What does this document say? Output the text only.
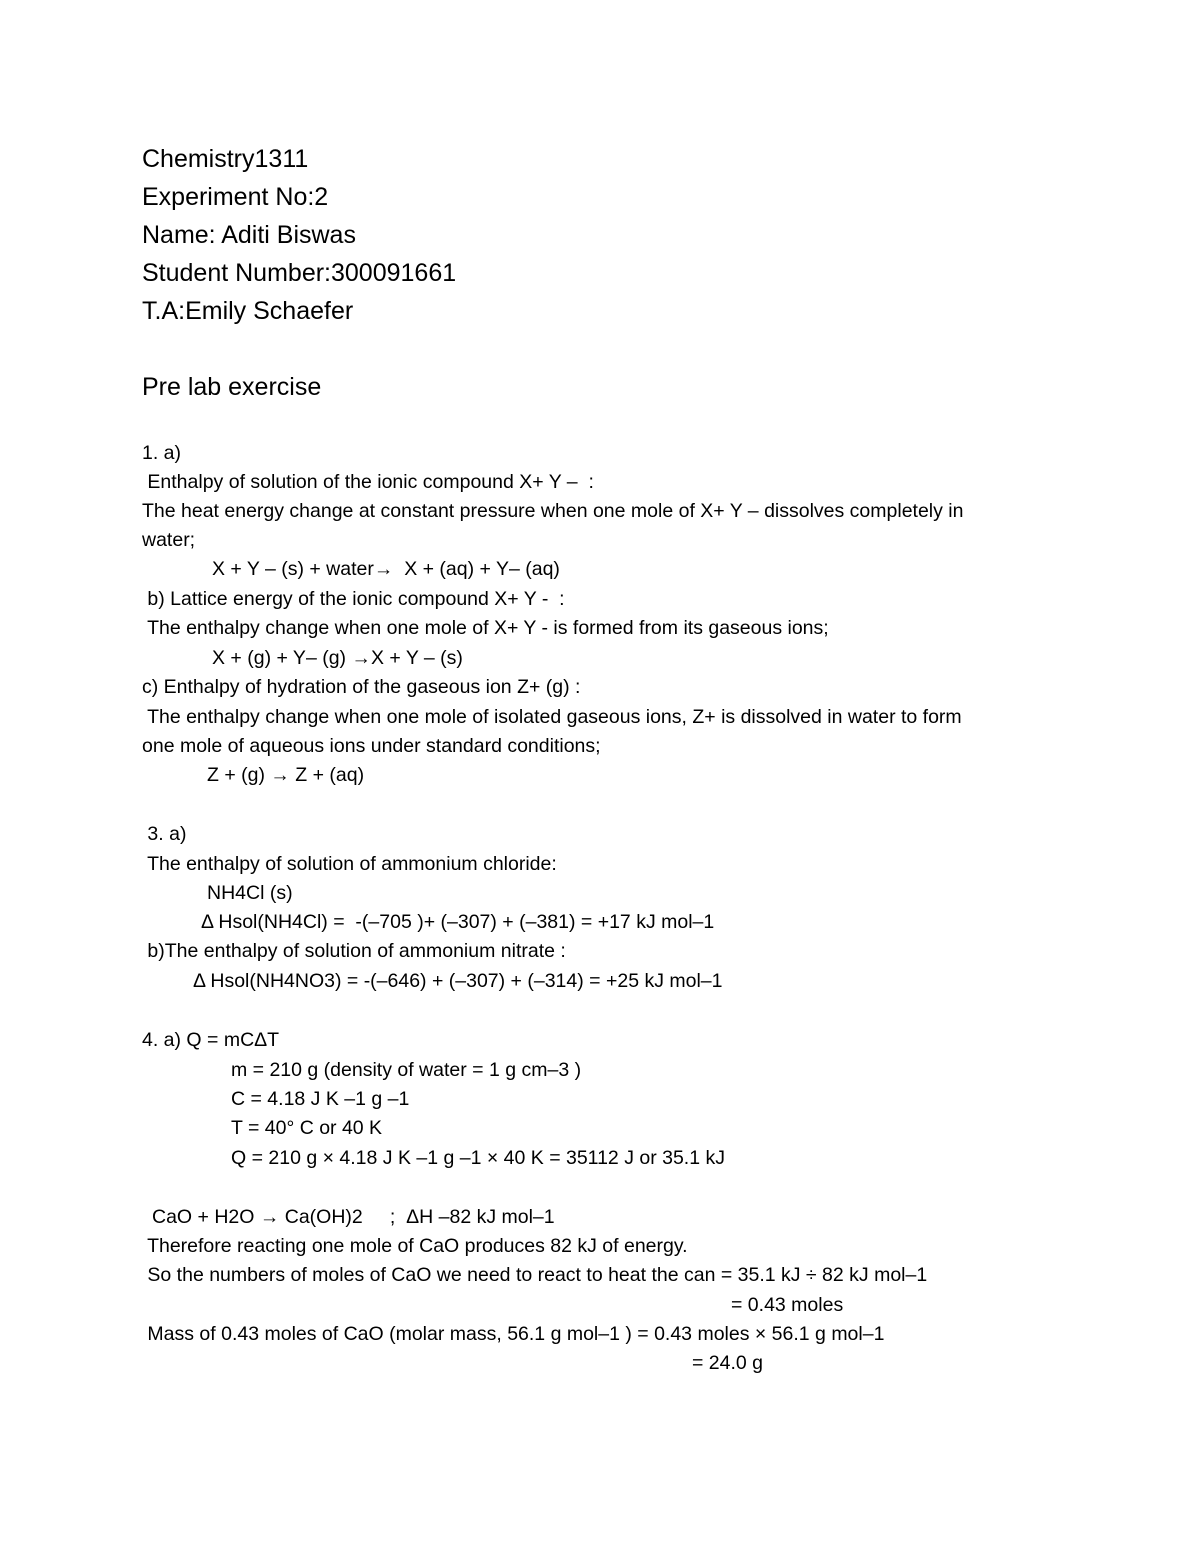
Chemistry1311
Experiment No:2
Name: Aditi Biswas
Student Number:300091661
T.A:Emily Schaefer
Pre lab exercise
1. a)
Enthalpy of solution of the ionic compound X+ Y –  :
The heat energy change at constant pressure when one mole of X+ Y – dissolves completely in
water;
X + Y – (s) + water→  X + (aq) + Y– (aq)
b) Lattice energy of the ionic compound X+ Y -  :
The enthalpy change when one mole of X+ Y - is formed from its gaseous ions;
X + (g) + Y– (g) →X + Y – (s)
c) Enthalpy of hydration of the gaseous ion Z+ (g) :
The enthalpy change when one mole of isolated gaseous ions, Z+ is dissolved in water to form
one mole of aqueous ions under standard conditions;
Z + (g) → Z + (aq)
3. a)
The enthalpy of solution of ammonium chloride:
NH4Cl (s)
Δ Hsol(NH4Cl) =  -(–705 )+ (–307) + (–381) = +17 kJ mol–1
b)The enthalpy of solution of ammonium nitrate :
Δ Hsol(NH4NO3) = -(–646) + (–307) + (–314) = +25 kJ mol–1
4. a) Q = mCΔT
m = 210 g (density of water = 1 g cm–3 )
C = 4.18 J K –1 g –1
T = 40° C or 40 K
Q = 210 g × 4.18 J K –1 g –1 × 40 K = 35112 J or 35.1 kJ
CaO + H2O → Ca(OH)2     ;  ΔH –82 kJ mol–1
Therefore reacting one mole of CaO produces 82 kJ of energy.
So the numbers of moles of CaO we need to react to heat the can = 35.1 kJ ÷ 82 kJ mol–1
= 0.43 moles
Mass of 0.43 moles of CaO (molar mass, 56.1 g mol–1 ) = 0.43 moles × 56.1 g mol–1
= 24.0 g
